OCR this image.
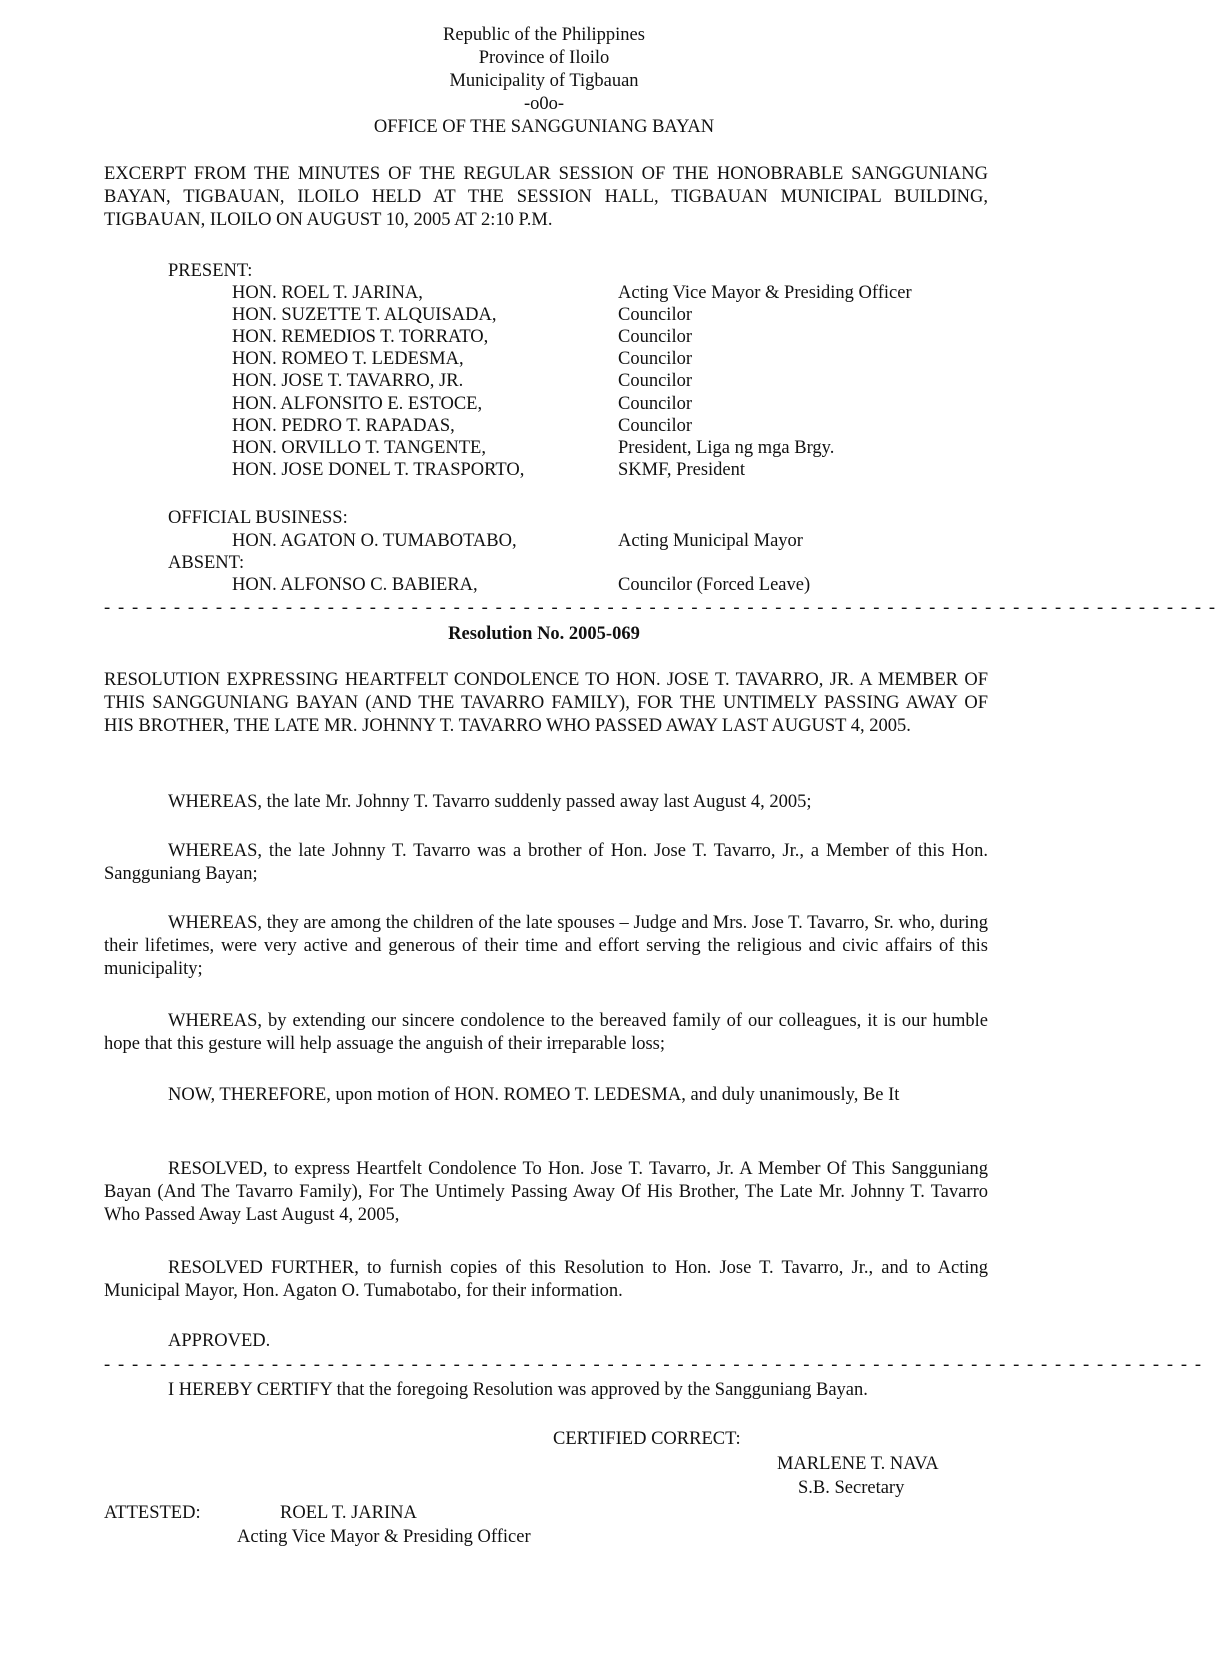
Republic of the Philippines
Province of Iloilo
Municipality of Tigbauan
-o0o-
OFFICE OF THE SANGGUNIANG BAYAN
EXCERPT FROM THE MINUTES OF THE REGULAR SESSION OF THE HONOBRABLE SANGGUNIANG BAYAN, TIGBAUAN, ILOILO HELD AT THE SESSION HALL, TIGBAUAN MUNICIPAL BUILDING, TIGBAUAN, ILOILO ON AUGUST 10, 2005 AT 2:10 P.M.
PRESENT:
HON. ROEL T. JARINA,	Acting Vice Mayor & Presiding Officer
HON. SUZETTE T. ALQUISADA,	Councilor
HON. REMEDIOS T. TORRATO,	Councilor
HON. ROMEO T. LEDESMA,	Councilor
HON. JOSE T. TAVARRO, JR.	Councilor
HON. ALFONSITO E. ESTOCE,	Councilor
HON. PEDRO T. RAPADAS,	Councilor
HON. ORVILLO T. TANGENTE,	President, Liga ng mga Brgy.
HON. JOSE DONEL T. TRASPORTO,	SKMF, President
OFFICIAL BUSINESS:
HON. AGATON O. TUMABOTABO,	Acting Municipal Mayor
ABSENT:
HON. ALFONSO C. BABIERA,	Councilor (Forced Leave)
- - - - - - - - - - - - - - - - - - - - - - - - - - - - - - - - - - - - - - - - - - - - - - - - - - - - - - - - - - - - - - - - - - - - - - - - - - - - - - - -
Resolution No. 2005-069
RESOLUTION EXPRESSING HEARTFELT CONDOLENCE TO HON. JOSE T. TAVARRO, JR. A MEMBER OF THIS SANGGUNIANG BAYAN (AND THE TAVARRO FAMILY), FOR THE UNTIMELY PASSING AWAY OF HIS BROTHER, THE LATE MR. JOHNNY T. TAVARRO WHO PASSED AWAY LAST AUGUST 4, 2005.
WHEREAS, the late Mr. Johnny T. Tavarro suddenly passed away last August 4, 2005;
WHEREAS, the late Johnny T. Tavarro was a brother of Hon. Jose T. Tavarro, Jr., a Member of this Hon. Sangguniang Bayan;
WHEREAS, they are among the children of the late spouses – Judge and Mrs. Jose T. Tavarro, Sr. who, during their lifetimes, were very active and generous of their time and effort serving the religious and civic affairs of this municipality;
WHEREAS, by extending our sincere condolence to the bereaved family of our colleagues, it is our humble hope that this gesture will help assuage the anguish of their irreparable loss;
NOW, THEREFORE, upon motion of HON. ROMEO T. LEDESMA, and duly unanimously, Be It
RESOLVED, to express Heartfelt Condolence To Hon. Jose T. Tavarro, Jr. A Member Of This Sangguniang Bayan (And The Tavarro Family), For The Untimely Passing Away Of His Brother, The Late Mr. Johnny T. Tavarro Who Passed Away Last August 4, 2005,
RESOLVED FURTHER, to furnish copies of this Resolution to Hon. Jose T. Tavarro, Jr., and to Acting Municipal Mayor, Hon. Agaton O. Tumabotabo, for their information.
APPROVED.
- - - - - - - - - - - - - - - - - - - - - - - - - - - - - - - - - - - - - - - - - - - - - - - - - - - - - - - - - - - - - - - - - - - - - - - - - - - - - - -
I HEREBY CERTIFY that the foregoing Resolution was approved by the Sangguniang Bayan.
CERTIFIED CORRECT:
MARLENE T. NAVA
S.B. Secretary
ATTESTED:	ROEL T. JARINA
Acting Vice Mayor & Presiding Officer
